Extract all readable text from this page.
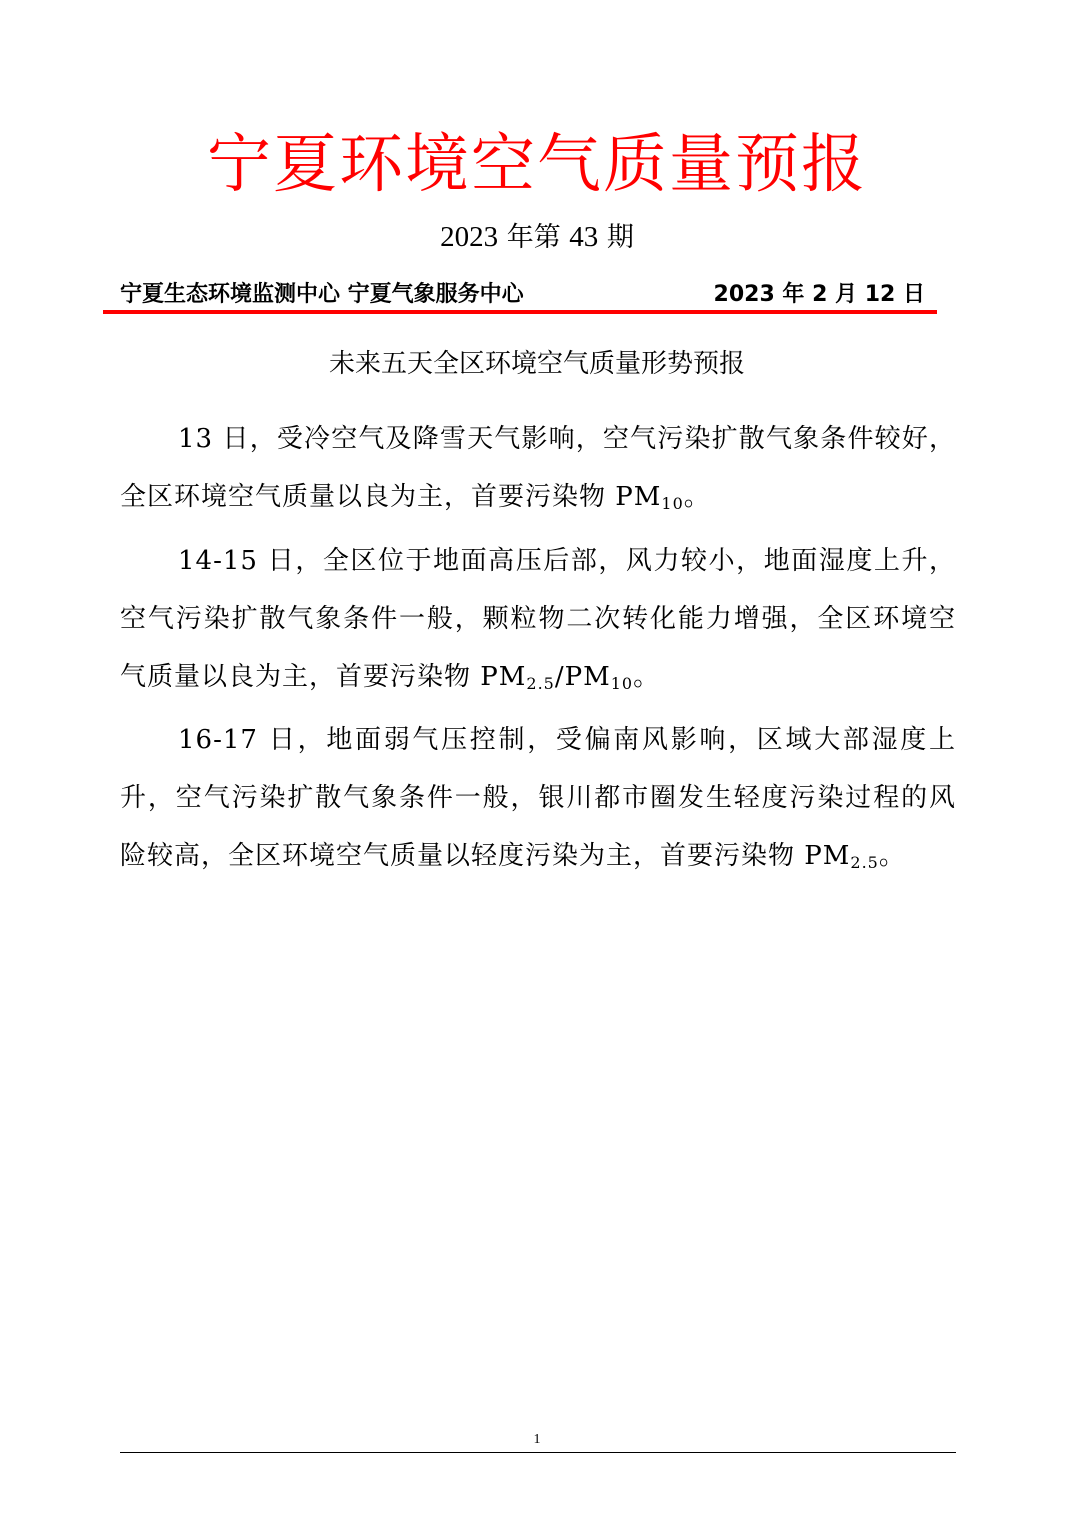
宁夏环境空气质量预报
2023 年第 43 期
宁夏生态环境监测中心 宁夏气象服务中心	2023 年 2 月 12 日
未来五天全区环境空气质量形势预报
13 日，受冷空气及降雪天气影响，空气污染扩散气象条件较好，全区环境空气质量以良为主，首要污染物 $PM_{10}$。
14-15 日，全区位于地面高压后部，风力较小，地面湿度上升，空气污染扩散气象条件一般，颗粒物二次转化能力增强，全区环境空气质量以良为主，首要污染物 $PM_{2.5}/PM_{10}$。
16-17 日，地面弱气压控制，受偏南风影响，区域大部湿度上升，空气污染扩散气象条件一般，银川都市圈发生轻度污染过程的风险较高，全区环境空气质量以轻度污染为主，首要污染物 $PM_{2.5}$。
1
